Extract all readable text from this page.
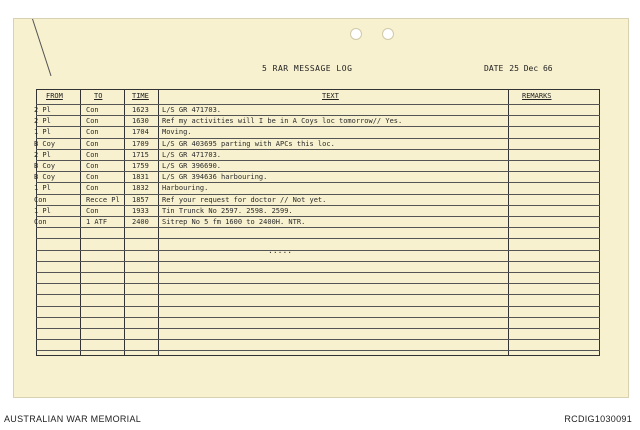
5 RAR MESSAGE LOG	DATE 25 Dec 66
FROM	TO	TIME	TEXT	REMARKS
2 Pl	Con	1623 L/S GR 471703.
2 Pl	Con	1630 Ref my activities will I be in A Coys loc tomorrow// Yes.
1 Pl	Con	1704 Moving.
B Coy	Con	1709 L/S GR 403695 parting with APCs this loc.
2 Pl	Con	1715 L/S GR 471703.
B Coy	Con	1759 L/S GR 396690.
B Coy	Con	1831 L/S GR 394636 harbouring.
1 Pl	Con	1832 Harbouring.
Con	Recce Pl 1857 Ref your request for doctor // Not yet.
1 Pl	Con	1933 Tin Trunck No 2597. 2598. 2599.
Con	1 ATF	2400 Sitrep No 5 fm 1600 to 2400H. NTR.
.....
AUSTRALIAN WAR MEMORIAL	RCDIG1030091
